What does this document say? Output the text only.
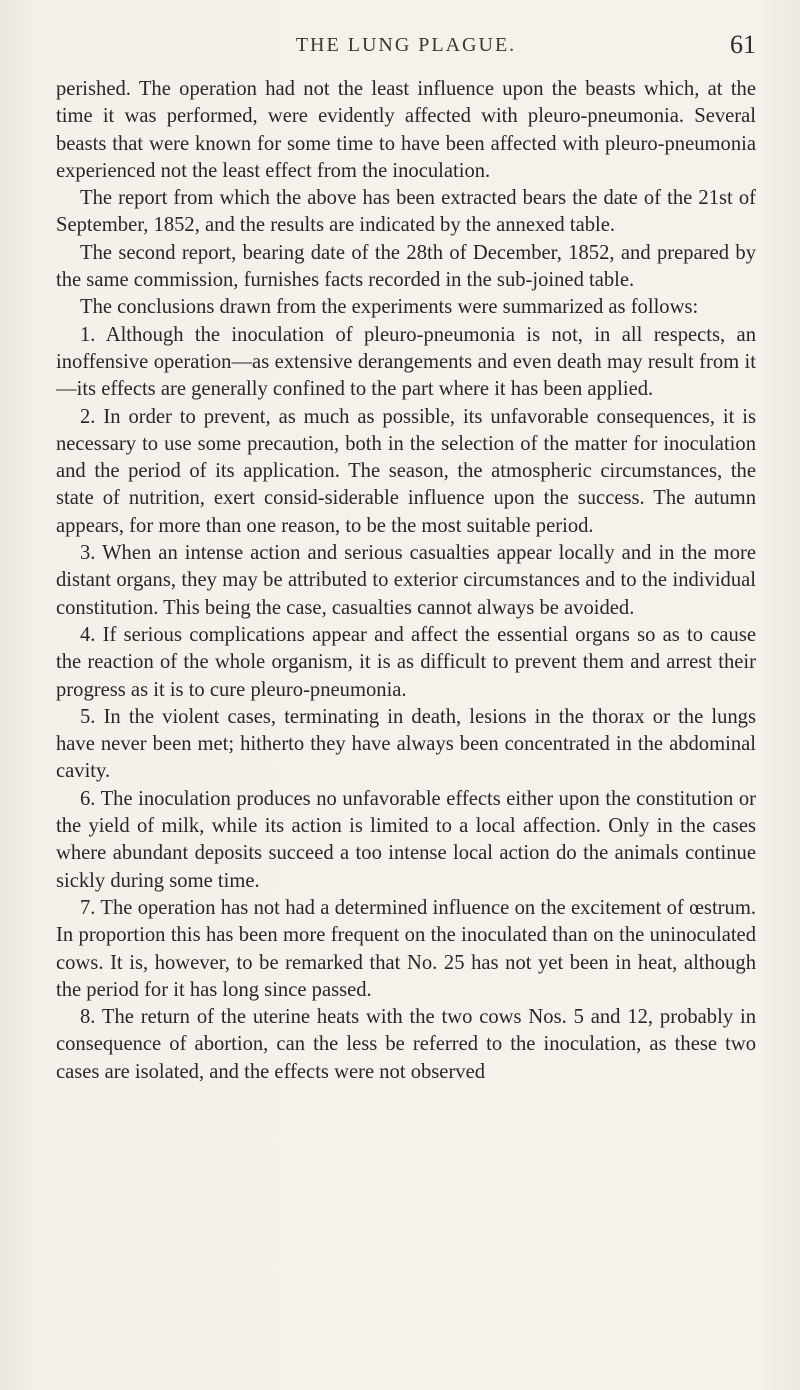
THE LUNG PLAGUE.	61

perished. The operation had not the least influence upon the beasts which, at the time it was performed, were evidently affected with pleuro-pneumonia. Several beasts that were known for some time to have been affected with pleuro-pneumonia experienced not the least effect from the inoculation.

The report from which the above has been extracted bears the date of the 21st of September, 1852, and the results are indicated by the annexed table.

The second report, bearing date of the 28th of December, 1852, and prepared by the same commission, furnishes facts recorded in the sub-joined table.

The conclusions drawn from the experiments were summarized as follows:

1. Although the inoculation of pleuro-pneumonia is not, in all respects, an inoffensive operation—as extensive derangements and even death may result from it—its effects are generally confined to the part where it has been applied.

2. In order to prevent, as much as possible, its unfavorable consequences, it is necessary to use some precaution, both in the selection of the matter for inoculation and the period of its application. The season, the atmospheric circumstances, the state of nutrition, exert consid-siderable influence upon the success. The autumn appears, for more than one reason, to be the most suitable period.

3. When an intense action and serious casualties appear locally and in the more distant organs, they may be attributed to exterior circumstances and to the individual constitution. This being the case, casualties cannot always be avoided.

4. If serious complications appear and affect the essential organs so as to cause the reaction of the whole organism, it is as difficult to prevent them and arrest their progress as it is to cure pleuro-pneumonia.

5. In the violent cases, terminating in death, lesions in the thorax or the lungs have never been met; hitherto they have always been concentrated in the abdominal cavity.

6. The inoculation produces no unfavorable effects either upon the constitution or the yield of milk, while its action is limited to a local affection. Only in the cases where abundant deposits succeed a too intense local action do the animals continue sickly during some time.

7. The operation has not had a determined influence on the excitement of œstrum. In proportion this has been more frequent on the inoculated than on the uninoculated cows. It is, however, to be remarked that No. 25 has not yet been in heat, although the period for it has long since passed.

8. The return of the uterine heats with the two cows Nos. 5 and 12, probably in consequence of abortion, can the less be referred to the inoculation, as these two cases are isolated, and the effects were not observed
